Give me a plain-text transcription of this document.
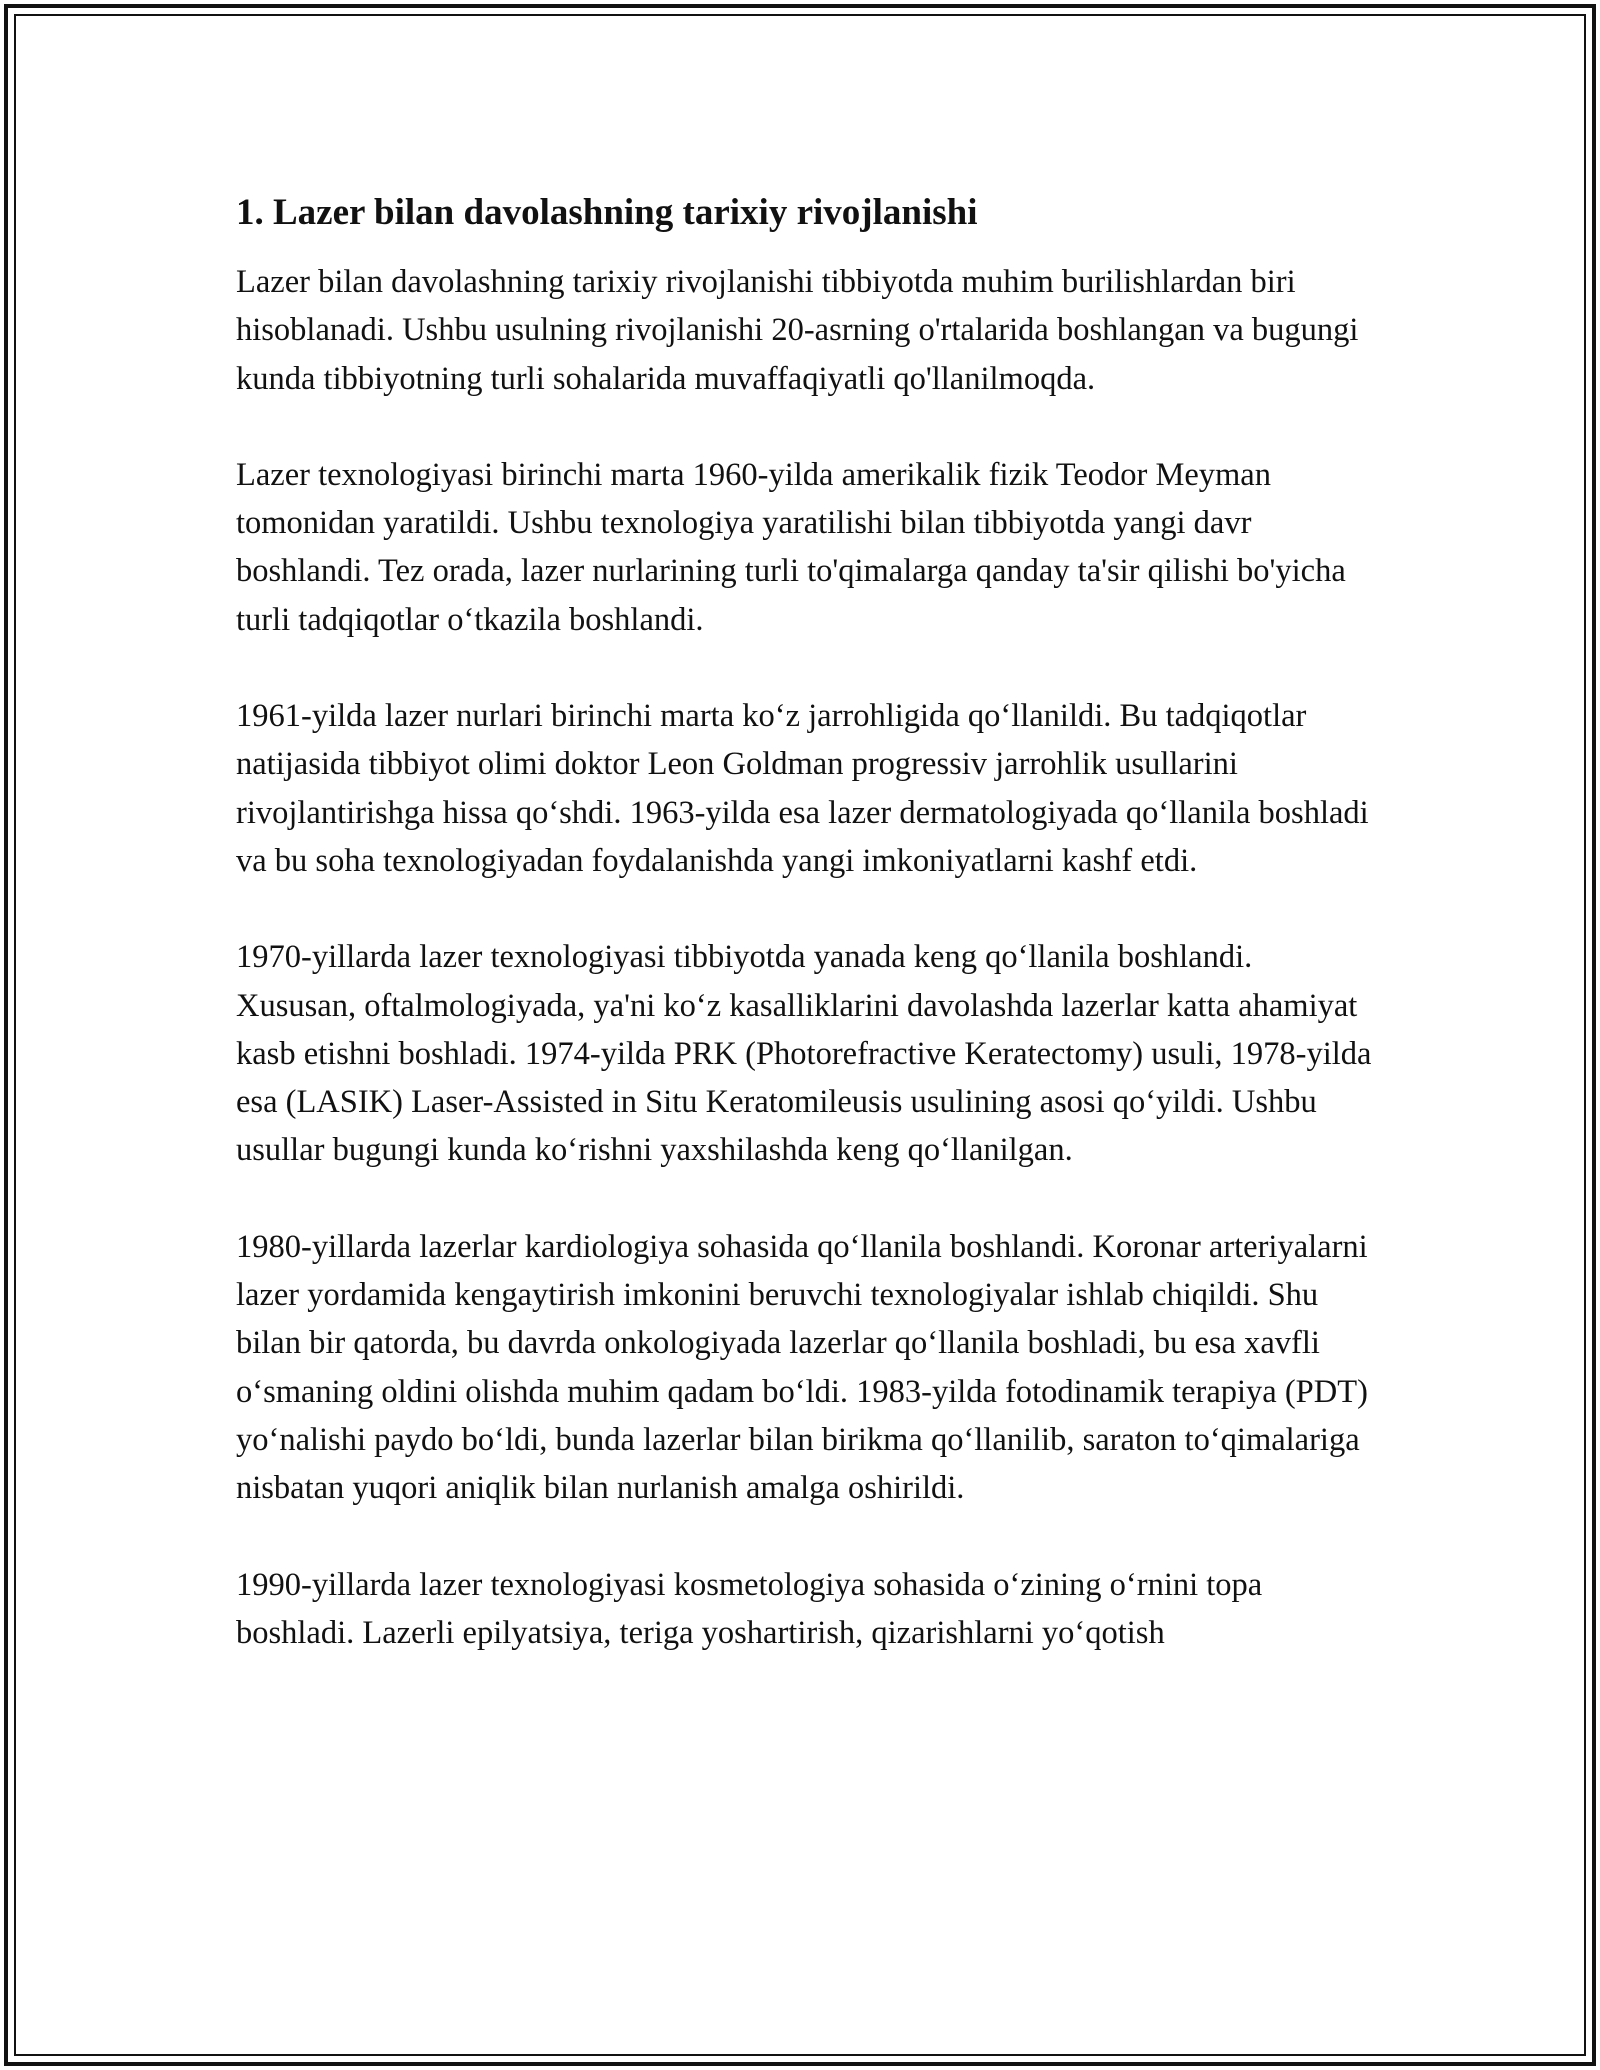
1. Lazer bilan davolashning tarixiy rivojlanishi

Lazer bilan davolashning tarixiy rivojlanishi tibbiyotda muhim burilishlardan biri hisoblanadi. Ushbu usulning rivojlanishi 20-asrning o'rtalarida boshlangan va bugungi kunda tibbiyotning turli sohalarida muvaffaqiyatli qo'llanilmoqda.

Lazer texnologiyasi birinchi marta 1960-yilda amerikalik fizik Teodor Meyman tomonidan yaratildi. Ushbu texnologiya yaratilishi bilan tibbiyotda yangi davr boshlandi. Tez orada, lazer nurlarining turli to'qimalarga qanday ta'sir qilishi bo'yicha turli tadqiqotlar oʻtkazila boshlandi.

1961-yilda lazer nurlari birinchi marta koʻz jarrohligida qoʻllanildi. Bu tadqiqotlar natijasida tibbiyot olimi doktor Leon Goldman progressiv jarrohlik usullarini rivojlantirishga hissa qoʻshdi. 1963-yilda esa lazer dermatologiyada qoʻllanila boshladi va bu soha texnologiyadan foydalanishda yangi imkoniyatlarni kashf etdi.

1970-yillarda lazer texnologiyasi tibbiyotda yanada keng qoʻllanila boshlandi. Xususan, oftalmologiyada, ya'ni koʻz kasalliklarini davolashda lazerlar katta ahamiyat kasb etishni boshladi. 1974-yilda PRK (Photorefractive Keratectomy) usuli, 1978-yilda esa (LASIK) Laser-Assisted in Situ Keratomileusis usulining asosi qoʻyildi. Ushbu usullar bugungi kunda koʻrishni yaxshilashda keng qoʻllanilgan.

1980-yillarda lazerlar kardiologiya sohasida qoʻllanila boshlandi. Koronar arteriyalarni lazer yordamida kengaytirish imkonini beruvchi texnologiyalar ishlab chiqildi. Shu bilan bir qatorda, bu davrda onkologiyada lazerlar qoʻllanila boshladi, bu esa xavfli oʻsmaning oldini olishda muhim qadam boʻldi. 1983-yilda fotodinamik terapiya (PDT) yoʻnalishi paydo boʻldi, bunda lazerlar bilan birikma qoʻllanilib, saraton toʻqimalariga nisbatan yuqori aniqlik bilan nurlanish amalga oshirildi.

1990-yillarda lazer texnologiyasi kosmetologiya sohasida oʻzining oʻrnini topa boshladi. Lazerli epilyatsiya, teriga yoshartirish, qizarishlarni yoʻqotish
